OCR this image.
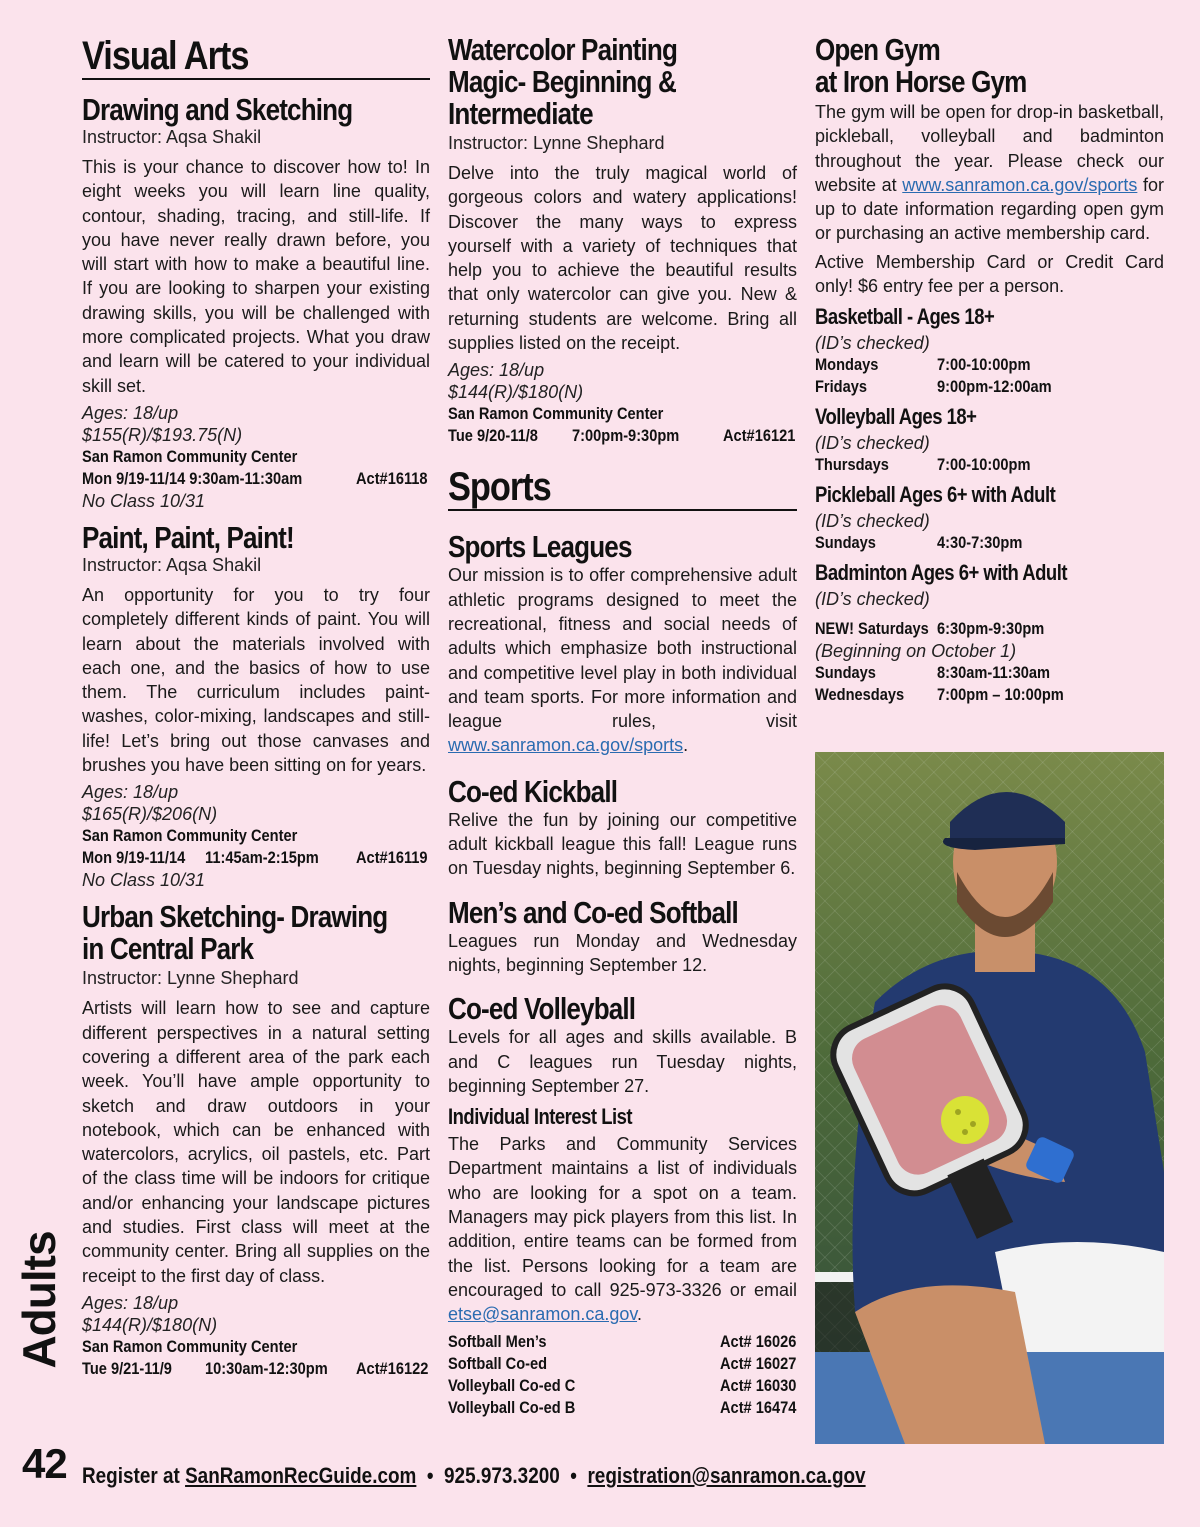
Visual Arts
Drawing and Sketching

Instructor: Aqsa Shakil

This is your chance to discover how to! In eight weeks you will learn line quality, contour, shading, tracing, and still-life. If you have never really drawn before, you will start with how to make a beautiful line. If you are looking to sharpen your existing drawing skills, you will be challenged with more complicated projects. What you draw and learn will be catered to your individual skill set.

Ages: 18/up

$155(R)/$193.75(N)

San Ramon Community Center

Mon 9/19-11/14 9:30am-11:30am	Act#16118

No Class 10/31

Paint, Paint, Paint!

Instructor: Aqsa Shakil

An opportunity for you to try four completely different kinds of paint. You will learn about the materials involved with each one, and the basics of how to use them. The curriculum includes paint-washes, color-mixing, landscapes and still-life! Let’s bring out those canvases and brushes you have been sitting on for years.

Ages: 18/up

$165(R)/$206(N)

San Ramon Community Center

Mon 9/19-11/14 11:45am-2:15pm Act#16119

No Class 10/31

Urban Sketching- Drawing
in Central Park

Instructor: Lynne Shephard

Artists will learn how to see and capture different perspectives in a natural setting covering a different area of the park each week. You’ll have ample opportunity to sketch and draw outdoors in your notebook, which can be enhanced with watercolors, acrylics, oil pastels, etc. Part of the class time will be indoors for critique and/or enhancing your landscape pictures and studies. First class will meet at the community center. Bring all supplies on the receipt to the first day of class.

Ages: 18/up

$144(R)/$180(N)

San Ramon Community Center

Tue 9/21-11/9 10:30am-12:30pm Act#16122
Watercolor Painting
Magic- Beginning &
Intermediate

Instructor: Lynne Shephard

Delve into the truly magical world of gorgeous colors and watery applications! Discover the many ways to express yourself with a variety of techniques that help you to achieve the beautiful results that only watercolor can give you. New & returning students are welcome. Bring all supplies listed on the receipt.

Ages: 18/up

$144(R)/$180(N)

San Ramon Community Center

Tue 9/20-11/8 7:00pm-9:30pm	Act#16121
Sports
Sports Leagues

Our mission is to offer comprehensive adult athletic programs designed to meet the recreational, fitness and social needs of adults which emphasize both instructional and competitive level play in both individual and team sports. For more information and league rules, visit www.sanramon.ca.gov/sports.

Co-ed Kickball

Relive the fun by joining our competitive adult kickball league this fall! League runs on Tuesday nights, beginning September 6.

Men’s and Co-ed Softball

Leagues run Monday and Wednesday nights, beginning September 12.

Co-ed Volleyball

Levels for all ages and skills available. B and C leagues run Tuesday nights, beginning September 27.

Individual Interest List

The Parks and Community Services Department maintains a list of individuals who are looking for a spot on a team. Managers may pick players from this list. In addition, entire teams can be formed from the list. Persons looking for a team are encouraged to call 925-973-3326 or email etse@sanramon.ca.gov.

Softball Men’s	Act# 16026
Softball Co-ed	Act# 16027
Volleyball Co-ed C	Act# 16030
Volleyball Co-ed B	Act# 16474
Open Gym
at Iron Horse Gym

The gym will be open for drop-in basketball, pickleball, volleyball and badminton throughout the year. Please check our website at www.sanramon.ca.gov/sports for up to date information regarding open gym or purchasing an active membership card.

Active Membership Card or Credit Card only! $6 entry fee per a person.

Basketball - Ages 18+

(ID’s checked)

Mondays	7:00-10:00pm
Fridays	9:00pm-12:00am

Volleyball Ages 18+

(ID’s checked)

Thursdays	7:00-10:00pm

Pickleball Ages 6+ with Adult

(ID’s checked)

Sundays	4:30-7:30pm

Badminton Ages 6+ with Adult

(ID’s checked)

NEW! Saturdays 6:30pm-9:30pm

(Beginning on October 1)

Sundays	8:30am-11:30am
Wednesdays 7:00pm – 10:00pm
Adults
42 Register at SanRamonRecGuide.com • 925.973.3200 • registration@sanramon.ca.gov
